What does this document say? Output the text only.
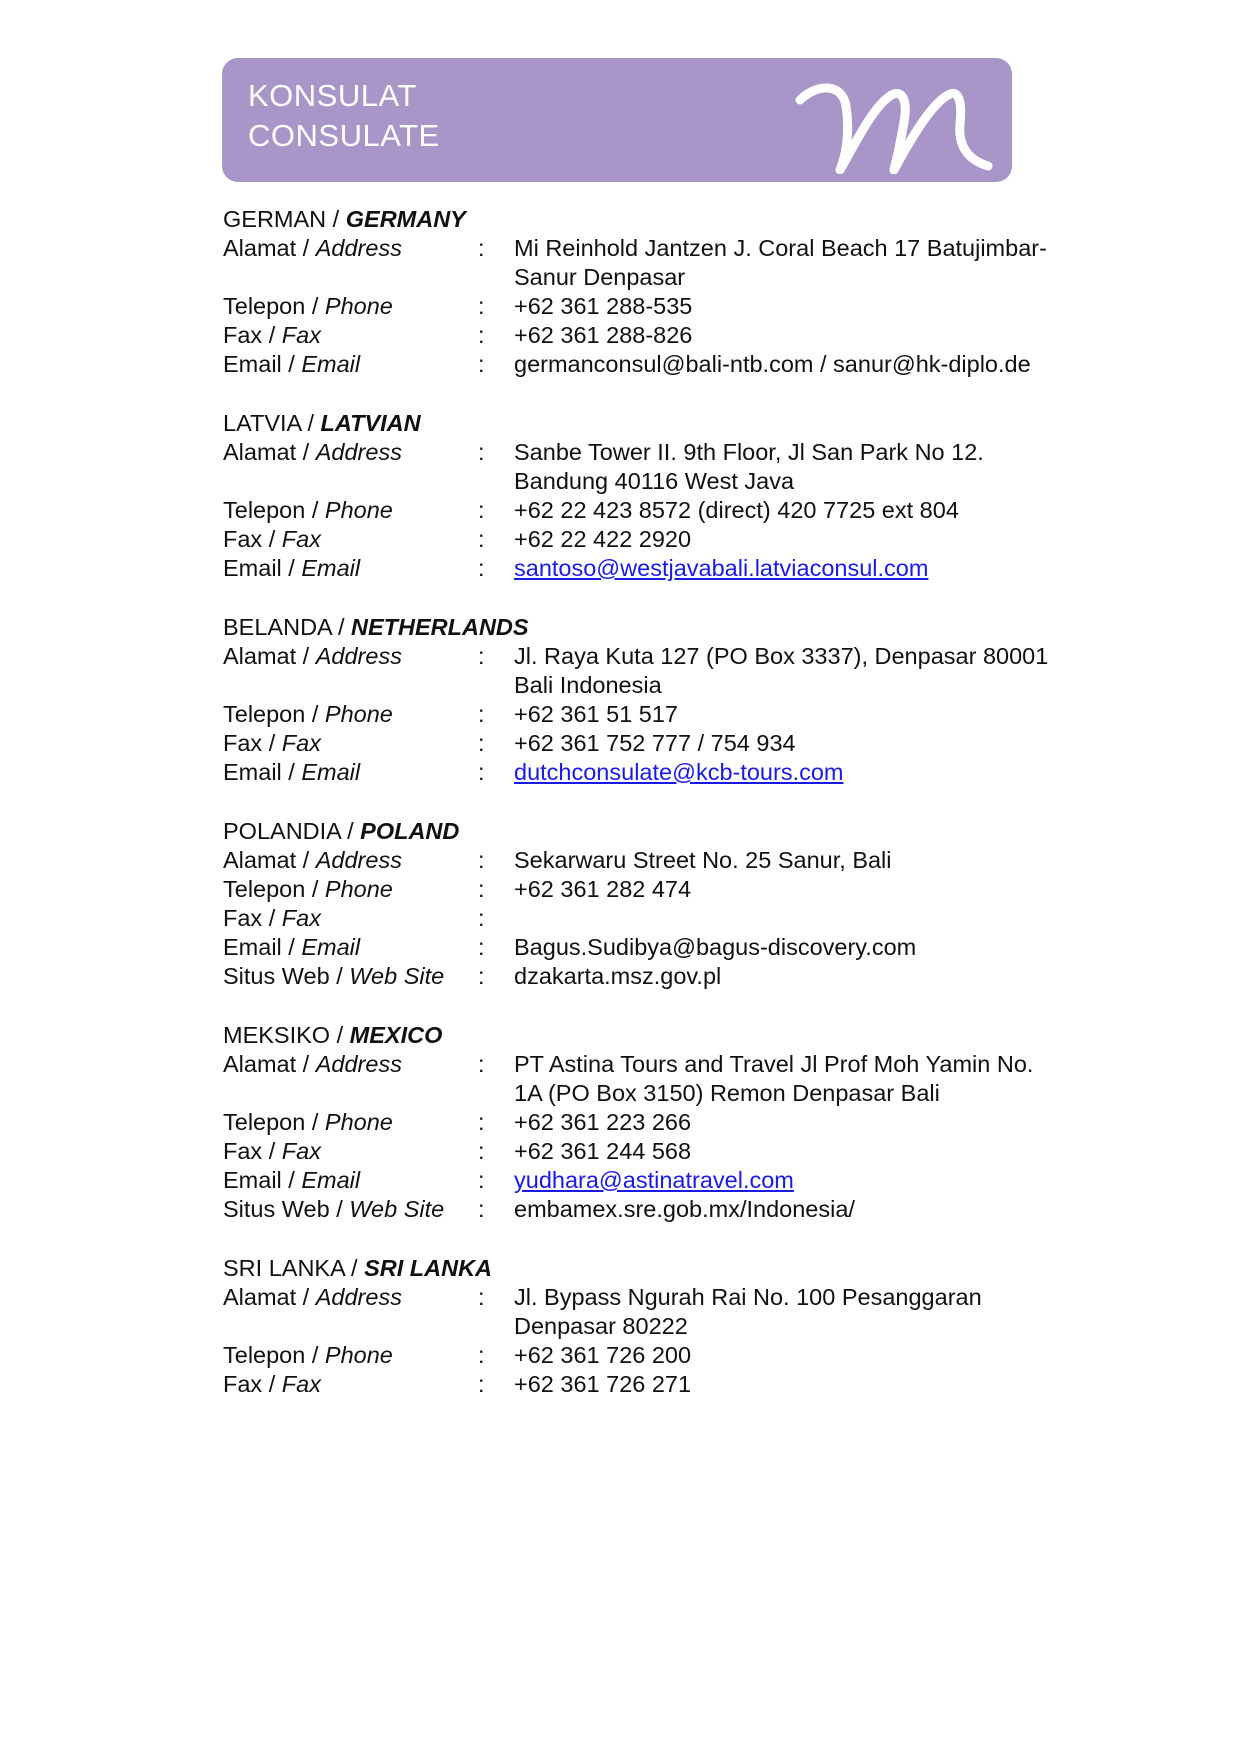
KONSULAT
CONSULATE
GERMAN / GERMANY
Alamat / Address	:	Mi Reinhold Jantzen J. Coral Beach 17 Batujimbar-
Sanur Denpasar
Telepon / Phone	:	+62 361 288-535
Fax / Fax	:	+62 361 288-826
Email / Email	:	germanconsul@bali-ntb.com / sanur@hk-diplo.de
LATVIA / LATVIAN
Alamat / Address	:	Sanbe Tower II. 9th Floor, Jl San Park No 12.
Bandung 40116 West Java
Telepon / Phone	:	+62 22 423 8572 (direct) 420 7725 ext 804
Fax / Fax	:	+62 22 422 2920
Email / Email	:	santoso@westjavabali.latviaconsul.com
BELANDA / NETHERLANDS
Alamat / Address	:	Jl. Raya Kuta 127 (PO Box 3337), Denpasar 80001
Bali Indonesia
Telepon / Phone	:	+62 361 51 517
Fax / Fax	:	+62 361 752 777 / 754 934
Email / Email	:	dutchconsulate@kcb-tours.com
POLANDIA / POLAND
Alamat / Address	:	Sekarwaru Street No. 25 Sanur, Bali
Telepon / Phone	:	+62 361 282 474
Fax / Fax	:
Email / Email	:	Bagus.Sudibya@bagus-discovery.com
Situs Web / Web Site	:	dzakarta.msz.gov.pl
MEKSIKO / MEXICO
Alamat / Address	:	PT Astina Tours and Travel Jl Prof Moh Yamin No.
1A (PO Box 3150) Remon Denpasar Bali
Telepon / Phone	:	+62 361 223 266
Fax / Fax	:	+62 361 244 568
Email / Email	:	yudhara@astinatravel.com
Situs Web / Web Site	:	embamex.sre.gob.mx/Indonesia/
SRI LANKA / SRI LANKA
Alamat / Address	:	Jl. Bypass Ngurah Rai No. 100 Pesanggaran
Denpasar 80222
Telepon / Phone	:	+62 361 726 200
Fax / Fax	:	+62 361 726 271
